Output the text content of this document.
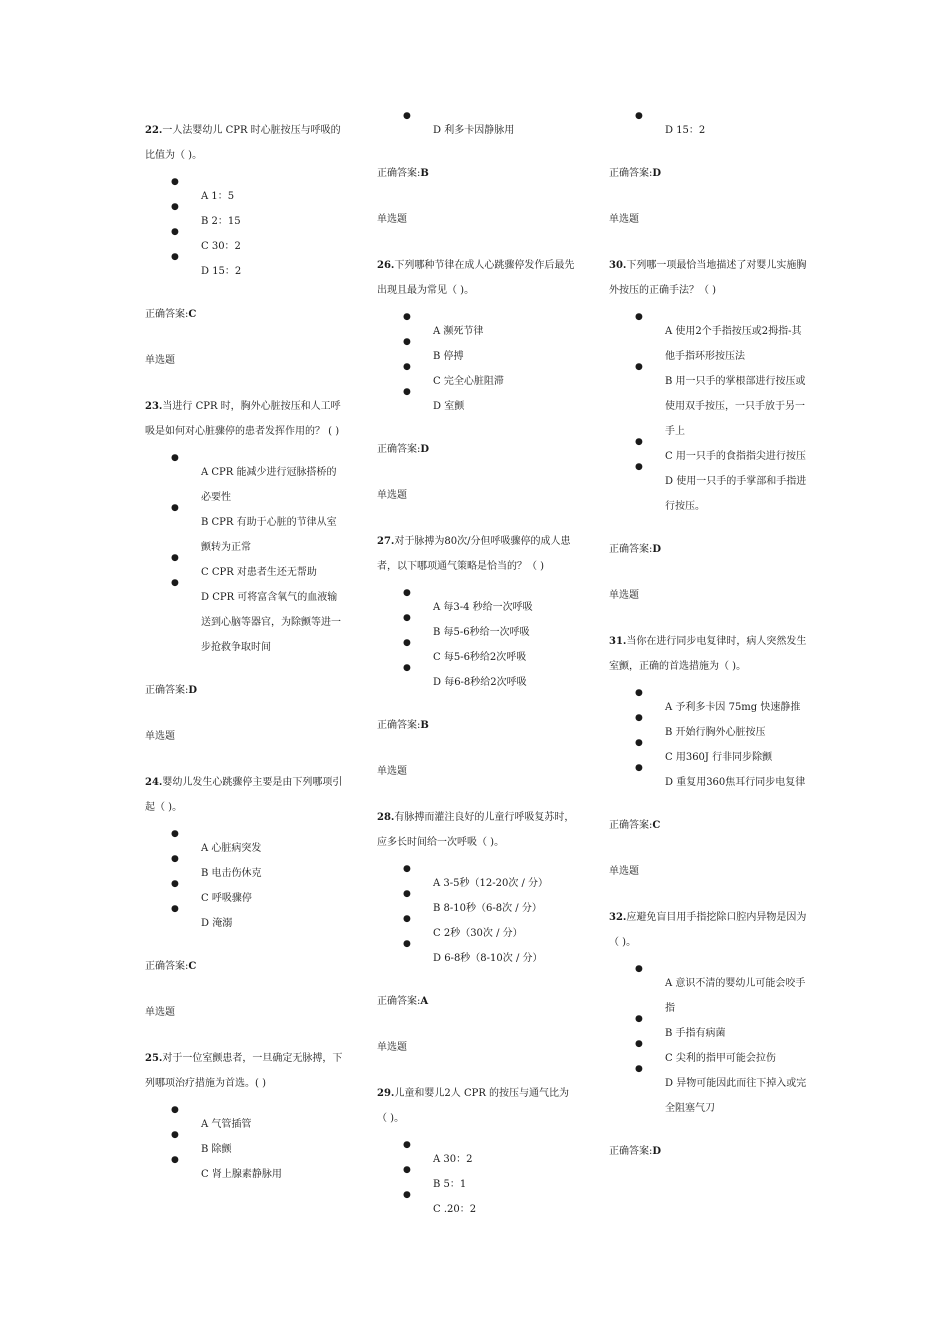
22.一人法婴幼儿 CPR 时心脏按压与呼吸的比值为（ )。
● A 1：5
● B 2：15
● C 30：2
● D 15：2
正确答案:C
单选题
23.当进行 CPR 时，胸外心脏按压和人工呼吸是如何对心脏骤停的患者发挥作用的？ ( )
● A CPR 能减少进行冠脉搭桥的必要性
● B CPR 有助于心脏的节律从室颤转为正常
● C CPR 对患者生还无帮助
● D CPR 可将富含氧气的血液输送到心脑等器官，为除颤等进一步抢救争取时间
正确答案:D
单选题
24.婴幼儿发生心跳骤停主要是由下列哪项引起（ )。
● A 心脏病突发
● B 电击伤休克
● C 呼吸骤停
● D 淹溺
正确答案:C
单选题
25.对于一位室颤患者，一旦确定无脉搏，下列哪项治疗措施为首选。( )
● A 气管插管
● B 除颤
● C 肾上腺素静脉用
● D 利多卡因静脉用
正确答案:B
单选题
26.下列哪种节律在成人心跳骤停发作后最先出现且最为常见（ )。
● A 濒死节律
● B 停搏
● C 完全心脏阻滞
● D 室颤
正确答案:D
单选题
27.对于脉搏为80次/分但呼吸骤停的成人患者，以下哪项通气策略是恰当的？（ )
● A 每3-4 秒给一次呼吸
● B 每5-6秒给一次呼吸
● C 每5-6秒给2次呼吸
● D 每6-8秒给2次呼吸
正确答案:B
单选题
28.有脉搏而灌注良好的儿童行呼吸复苏时，应多长时间给一次呼吸（ )。
● A 3-5秒（12-20次 / 分）
● B 8-10秒（6-8次 / 分）
● C 2秒（30次 / 分）
● D 6-8秒（8-10次 / 分）
正确答案:A
单选题
29.儿童和婴儿2人 CPR 的按压与通气比为（ )。
● A 30：2
● B 5：1
● C .20：2
● D 15：2
正确答案:D
单选题
30.下列哪一项最恰当地描述了对婴儿实施胸外按压的正确手法？（ )
● A 使用2个手指按压或2拇指-其他手指环形按压法
● B 用一只手的掌根部进行按压或使用双手按压，一只手放于另一手上
● C 用一只手的食指指尖进行按压
● D 使用一只手的手掌部和手指进行按压。
正确答案:D
单选题
31.当你在进行同步电复律时，病人突然发生室颤，正确的首选措施为（ )。
● A 予利多卡因 75mg 快速静推
● B 开始行胸外心脏按压
● C 用360J 行非同步除颤
● D 重复用360焦耳行同步电复律
正确答案:C
单选题
32.应避免盲目用手指挖除口腔内异物是因为（ )。
● A 意识不清的婴幼儿可能会咬手指
● B 手指有病菌
● C 尖利的指甲可能会拉伤
● D 异物可能因此而往下掉入或完全阻塞气刀
正确答案:D
